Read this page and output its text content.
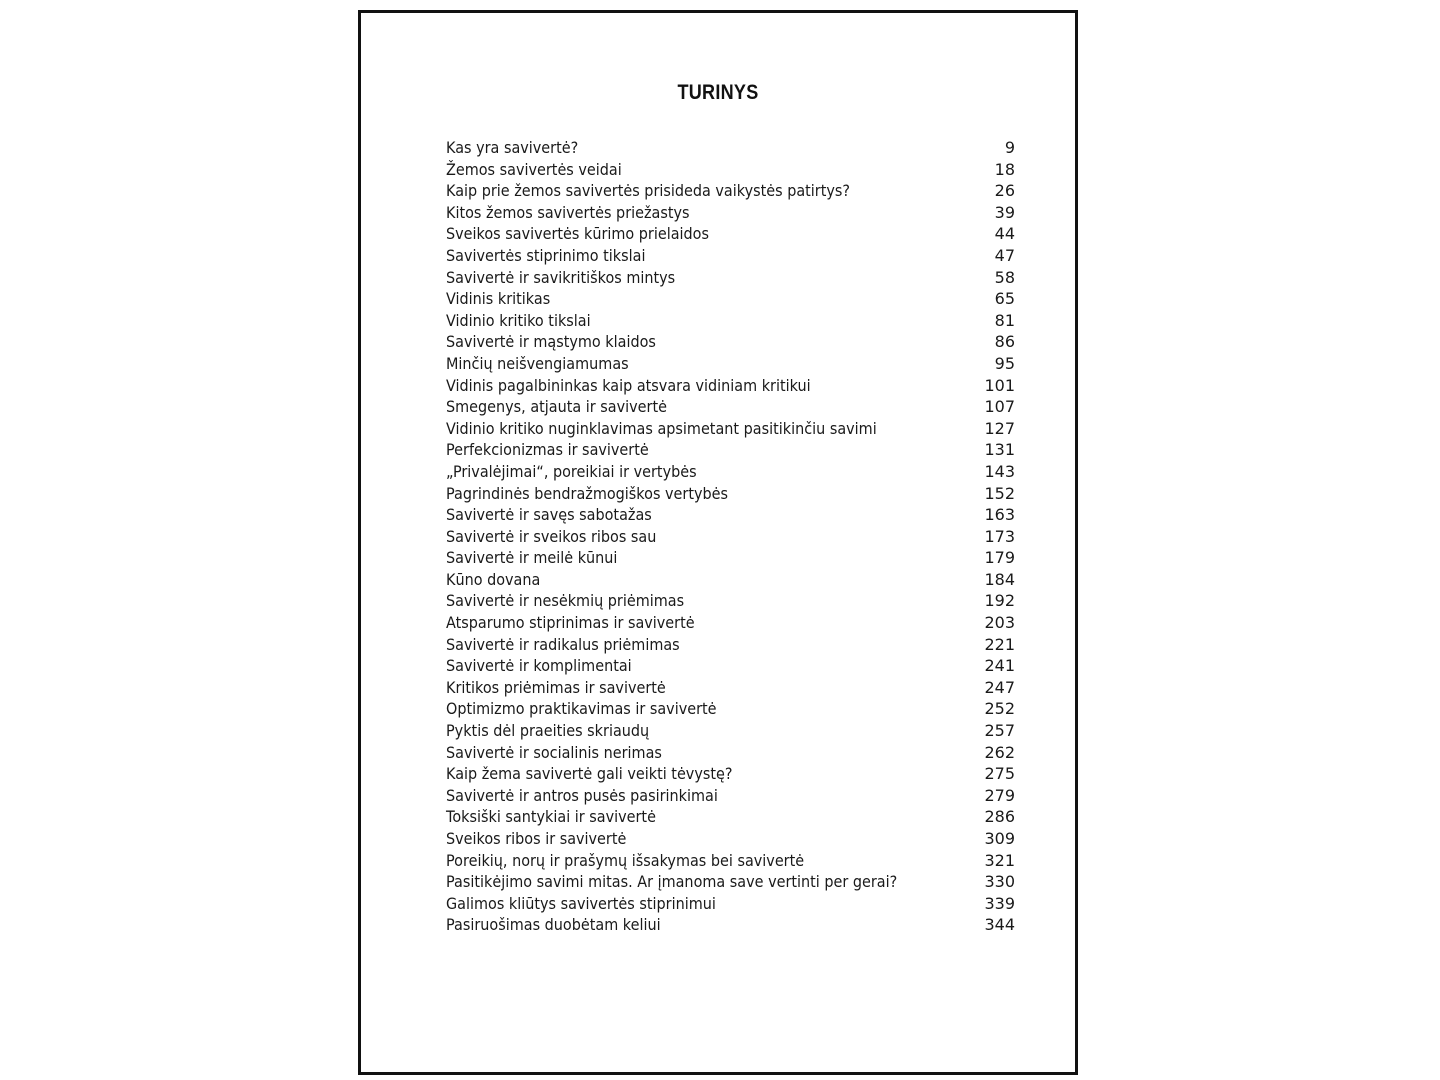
TURINYS
Kas yra savivertė?	9
Žemos savivertės veidai	18
Kaip prie žemos savivertės prisideda vaikystės patirtys?	26
Kitos žemos savivertės priežastys	39
Sveikos savivertės kūrimo prielaidos	44
Savivertės stiprinimo tikslai	47
Savivertė ir savikritiškos mintys	58
Vidinis kritikas	65
Vidinio kritiko tikslai	81
Savivertė ir mąstymo klaidos	86
Minčių neišvengiamumas	95
Vidinis pagalbininkas kaip atsvara vidiniam kritikui	101
Smegenys, atjauta ir savivertė	107
Vidinio kritiko nuginklavimas apsimetant pasitikinčiu savimi	127
Perfekcionizmas ir savivertė	131
„Privalėjimai“, poreikiai ir vertybės	143
Pagrindinės bendražmogiškos vertybės	152
Savivertė ir savęs sabotažas	163
Savivertė ir sveikos ribos sau	173
Savivertė ir meilė kūnui	179
Kūno dovana	184
Savivertė ir nesėkmių priėmimas	192
Atsparumo stiprinimas ir savivertė	203
Savivertė ir radikalus priėmimas	221
Savivertė ir komplimentai	241
Kritikos priėmimas ir savivertė	247
Optimizmo praktikavimas ir savivertė	252
Pyktis dėl praeities skriaudų	257
Savivertė ir socialinis nerimas	262
Kaip žema savivertė gali veikti tėvystę?	275
Savivertė ir antros pusės pasirinkimai	279
Toksiški santykiai ir savivertė	286
Sveikos ribos ir savivertė	309
Poreikių, norų ir prašymų išsakymas bei savivertė	321
Pasitikėjimo savimi mitas. Ar įmanoma save vertinti per gerai?	330
Galimos kliūtys savivertės stiprinimui	339
Pasiruošimas duobėtam keliui	344
